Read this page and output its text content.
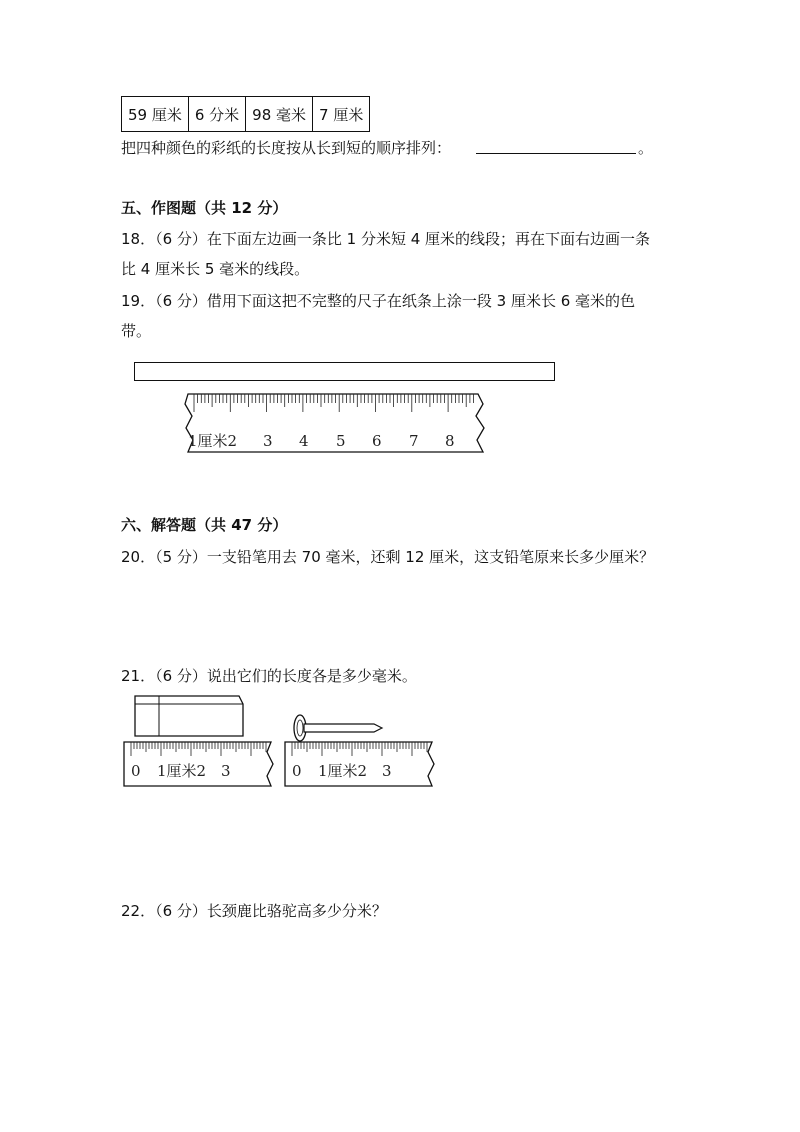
59 厘米	6 分米	98 毫米	7 厘米
把四种颜色的彩纸的长度按从长到短的顺序排列：	。
五、作图题（共 12 分）
18．（6 分）在下面左边画一条比 1 分米短 4 厘米的线段；再在下面右边画一条
比 4 厘米长 5 毫米的线段。
19．（6 分）借用下面这把不完整的尺子在纸条上涂一段 3 厘米长 6 毫米的色
带。
1厘米2 3 4 5 6 7 8
六、解答题（共 47 分）
20．（5 分）一支铅笔用去 70 毫米，还剩 12 厘米，这支铅笔原来长多少厘米？
21．（6 分）说出它们的长度各是多少毫米。
0 1厘米2 3	0 1厘米2 3
22．（6 分）长颈鹿比骆驼高多少分米？
